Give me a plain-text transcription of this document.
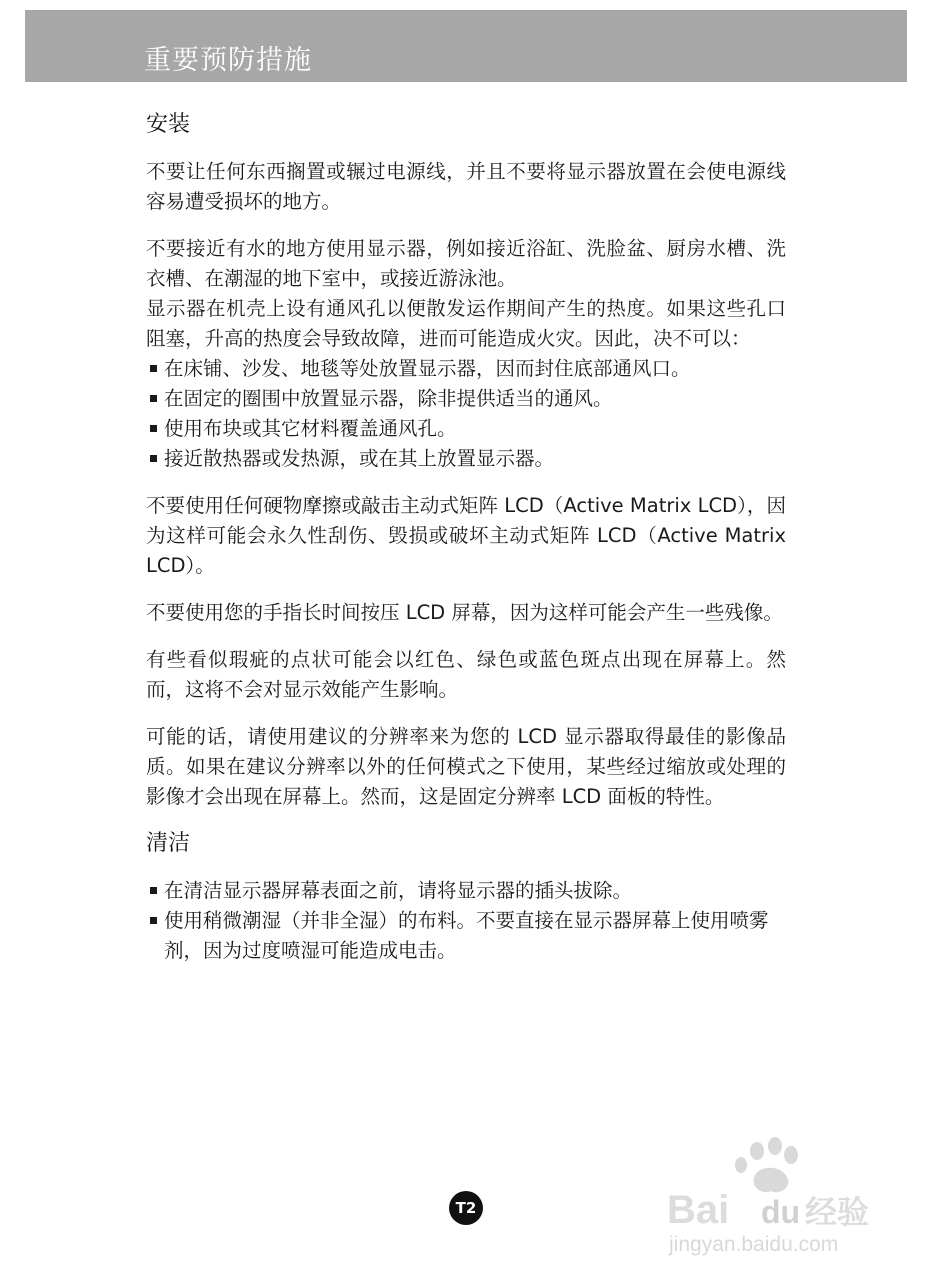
重要预防措施
安装

不要让任何东西搁置或辗过电源线，并且不要将显示器放置在会使电源线容易遭受损坏的地方。

不要接近有水的地方使用显示器，例如接近浴缸、洗脸盆、厨房水槽、洗衣槽、在潮湿的地下室中，或接近游泳池。

显示器在机壳上设有通风孔以便散发运作期间产生的热度。如果这些孔口阻塞，升高的热度会导致故障，进而可能造成火灾。因此，决不可以：

在床铺、沙发、地毯等处放置显示器，因而封住底部通风口。
在固定的圈围中放置显示器，除非提供适当的通风。
使用布块或其它材料覆盖通风孔。
接近散热器或发热源，或在其上放置显示器。

不要使用任何硬物摩擦或敲击主动式矩阵 LCD（Active Matrix LCD），因为这样可能会永久性刮伤、毁损或破坏主动式矩阵 LCD（Active Matrix LCD）。

不要使用您的手指长时间按压 LCD 屏幕，因为这样可能会产生一些残像。

有些看似瑕疵的点状可能会以红色、绿色或蓝色斑点出现在屏幕上。然而，这将不会对显示效能产生影响。

可能的话，请使用建议的分辨率来为您的 LCD 显示器取得最佳的影像品质。如果在建议分辨率以外的任何模式之下使用，某些经过缩放或处理的影像才会出现在屏幕上。然而，这是固定分辨率 LCD 面板的特性。

清洁
在清洁显示器屏幕表面之前，请将显示器的插头拔除。
使用稍微潮湿（并非全湿）的布料。不要直接在显示器屏幕上使用喷雾剂，因为过度喷湿可能造成电击。
T2	Bai du 经验
jingyan.baidu.com
